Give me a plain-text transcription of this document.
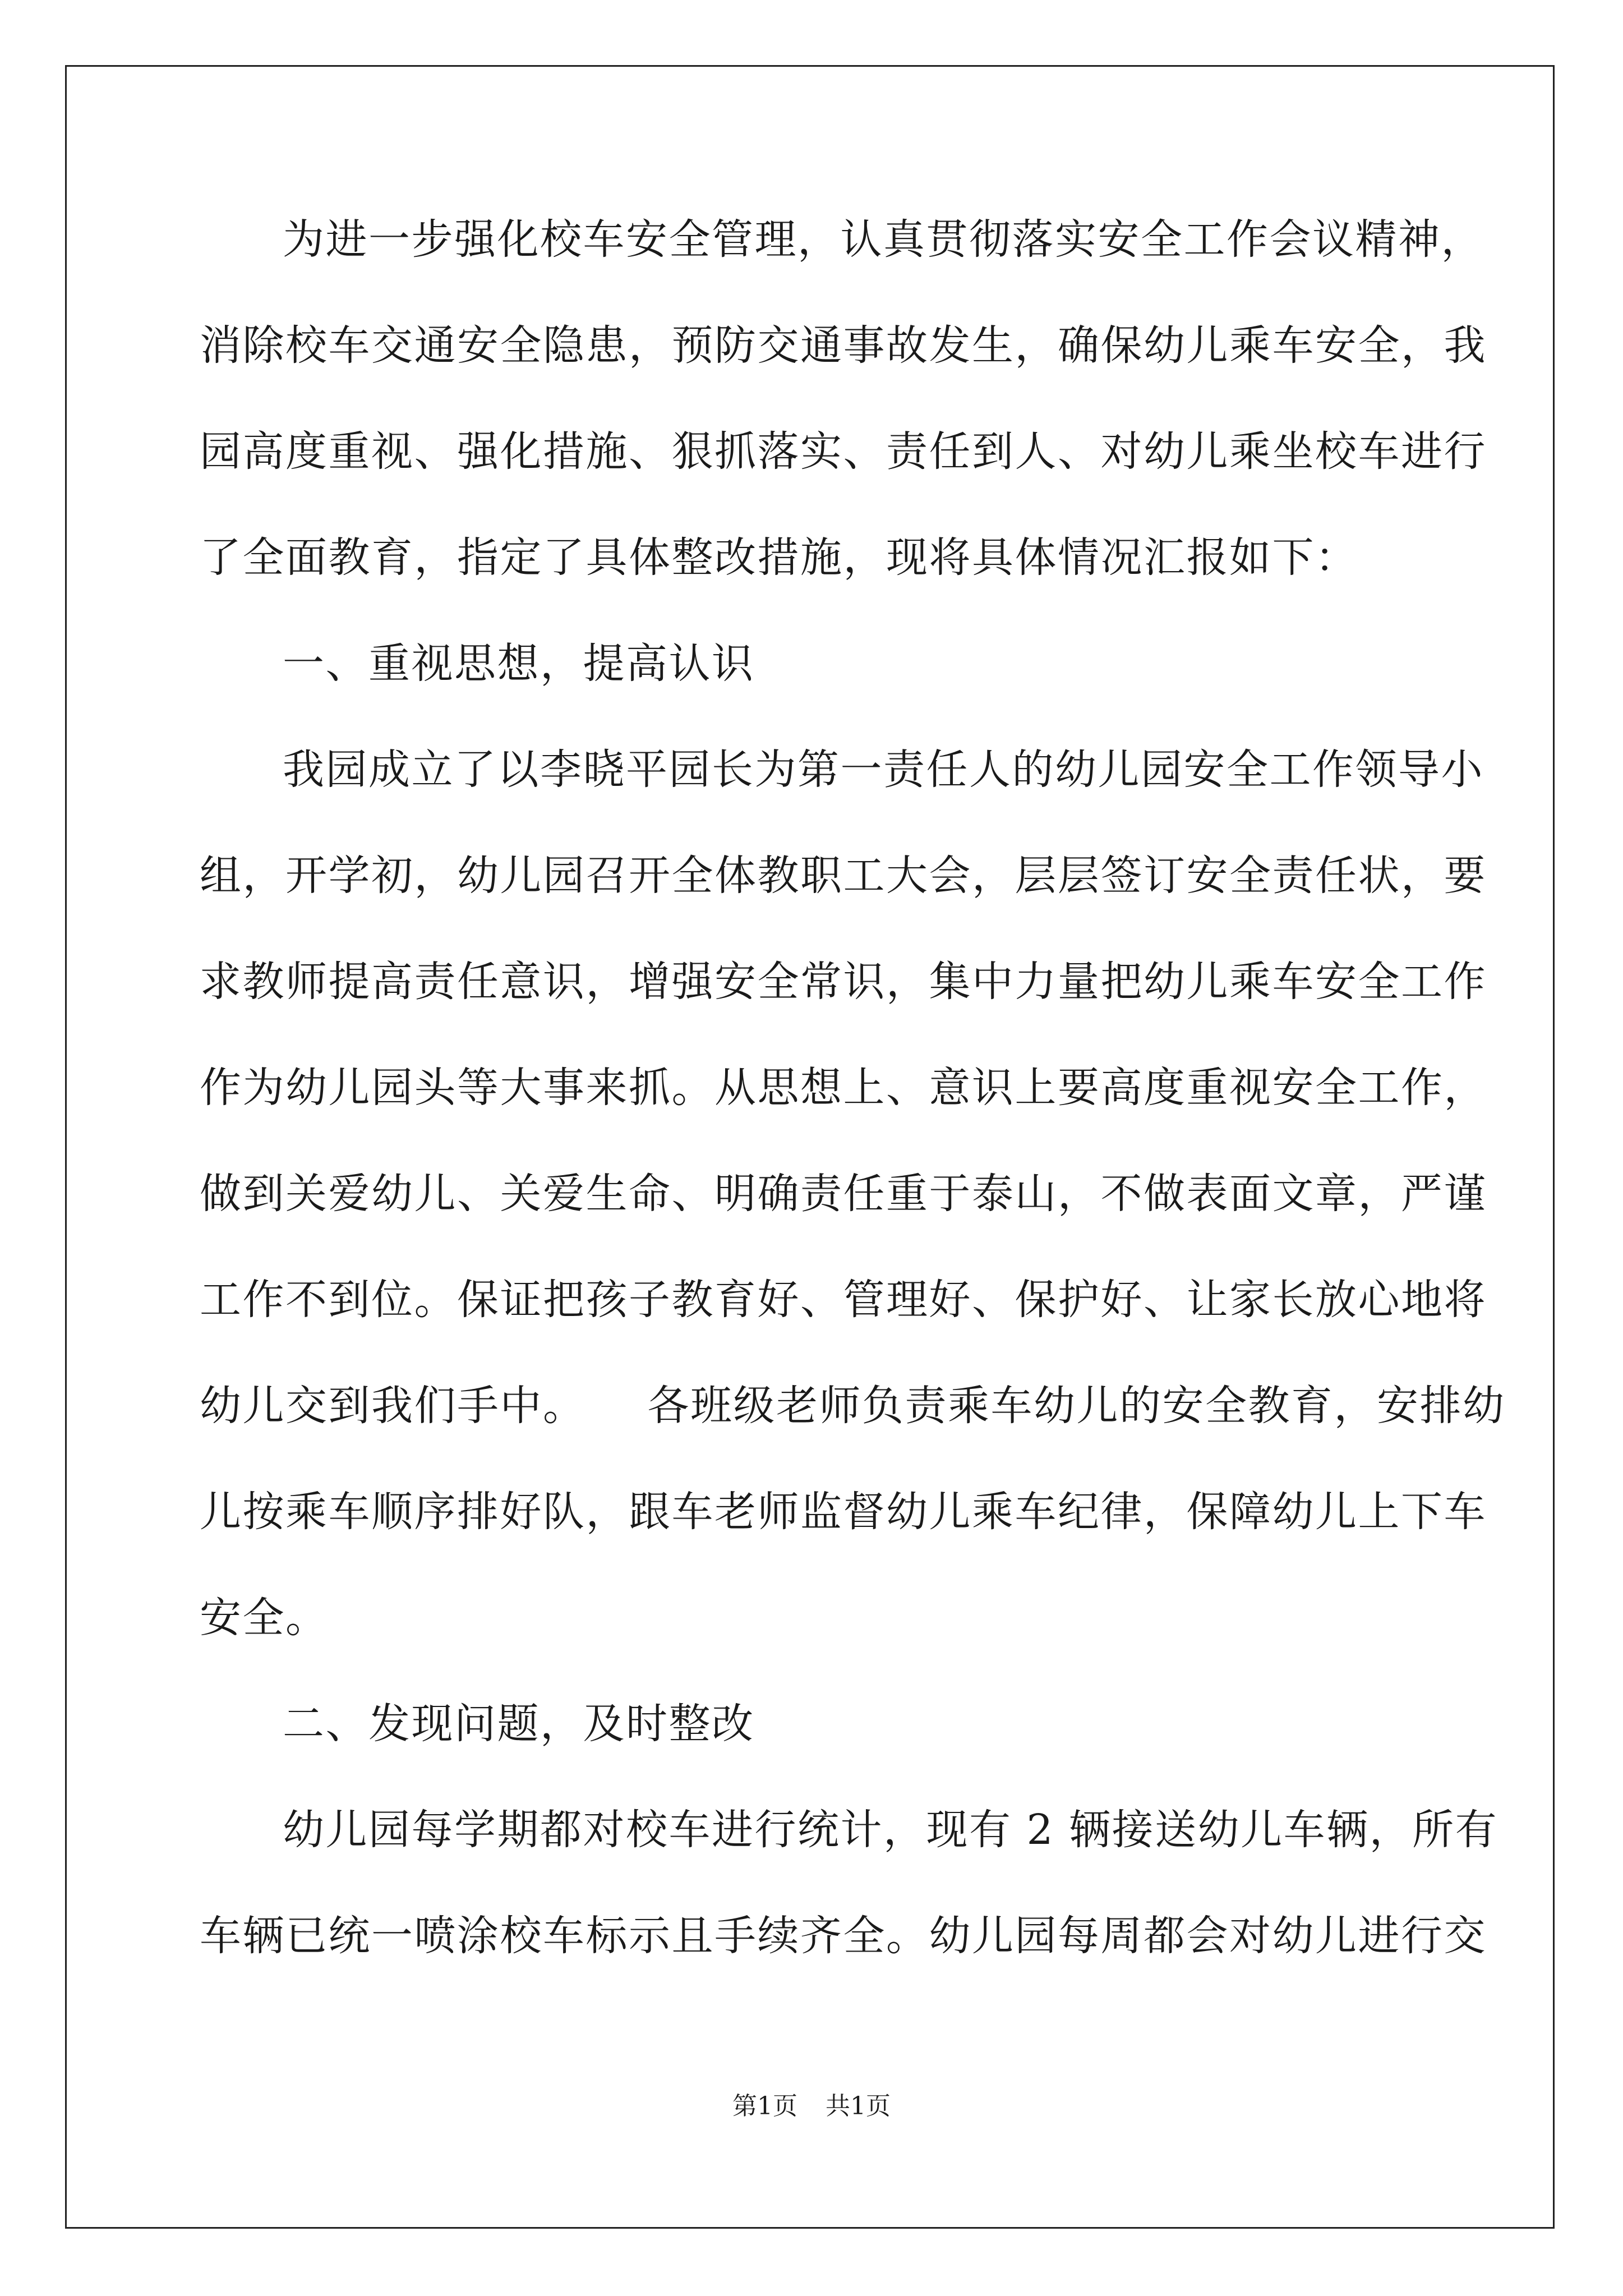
为进一步强化校车安全管理，认真贯彻落实安全工作会议精神，
消除校车交通安全隐患，预防交通事故发生，确保幼儿乘车安全，我
园高度重视、强化措施、狠抓落实、责任到人、对幼儿乘坐校车进行
了全面教育，指定了具体整改措施，现将具体情况汇报如下：
一、重视思想，提高认识
我园成立了以李晓平园长为第一责任人的幼儿园安全工作领导小
组，开学初，幼儿园召开全体教职工大会，层层签订安全责任状，要
求教师提高责任意识，增强安全常识，集中力量把幼儿乘车安全工作
作为幼儿园头等大事来抓。从思想上、意识上要高度重视安全工作，
做到关爱幼儿、关爱生命、明确责任重于泰山，不做表面文章，严谨
工作不到位。保证把孩子教育好、管理好、保护好、让家长放心地将
幼儿交到我们手中。 各班级老师负责乘车幼儿的安全教育，安排幼
儿按乘车顺序排好队，跟车老师监督幼儿乘车纪律，保障幼儿上下车
安全。
二、发现问题，及时整改
幼儿园每学期都对校车进行统计，现有 2 辆接送幼儿车辆，所有
车辆已统一喷涂校车标示且手续齐全。幼儿园每周都会对幼儿进行交
第1页 共1页
